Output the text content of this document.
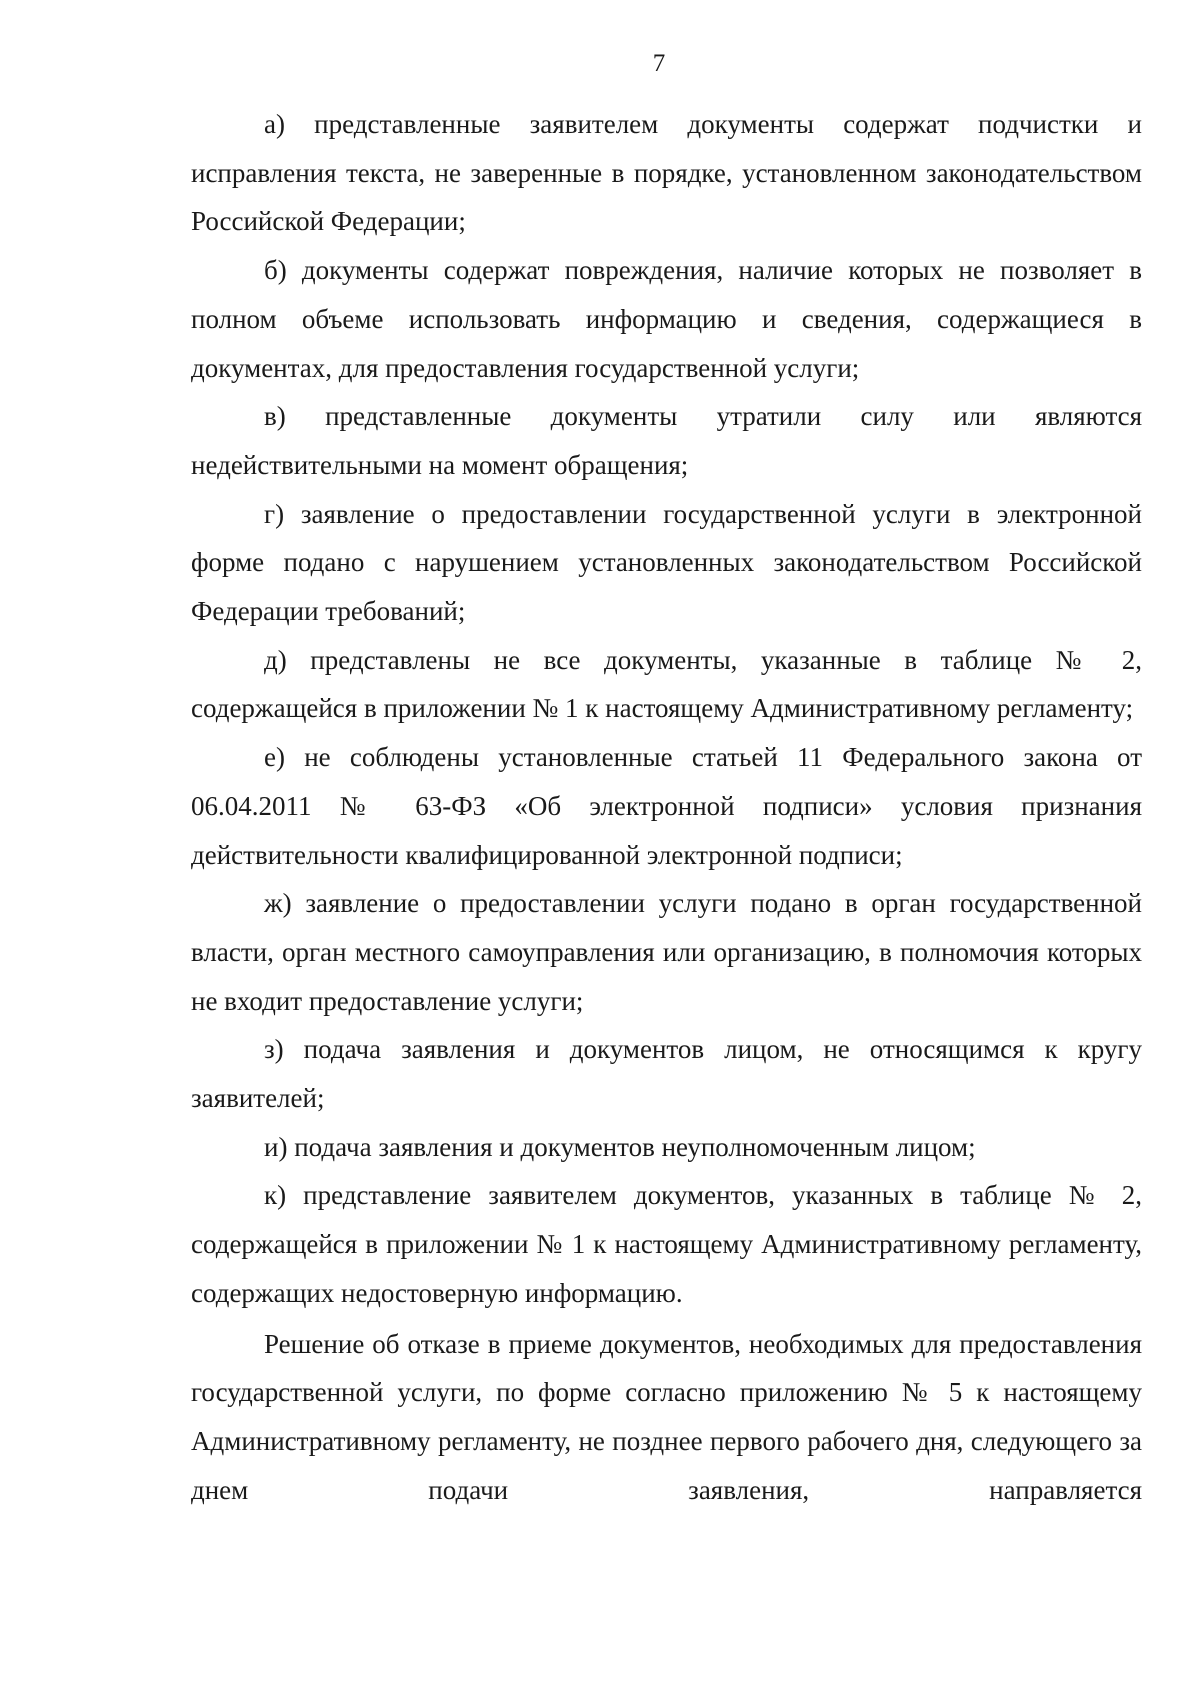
7

а) представленные заявителем документы содержат подчистки и исправления текста, не заверенные в порядке, установленном законодательством Российской Федерации;

б) документы содержат повреждения, наличие которых не позволяет в полном объеме использовать информацию и сведения, содержащиеся в документах, для предоставления государственной услуги;

в) представленные документы утратили силу или являются недействительными на момент обращения;

г) заявление о предоставлении государственной услуги в электронной форме подано с нарушением установленных законодательством Российской Федерации требований;

д) представлены не все документы, указанные в таблице № 2, содержащейся в приложении № 1 к настоящему Административному регламенту;

е) не соблюдены установленные статьей 11 Федерального закона от 06.04.2011 № 63-ФЗ «Об электронной подписи» условия признания действительности квалифицированной электронной подписи;

ж) заявление о предоставлении услуги подано в орган государственной власти, орган местного самоуправления или организацию, в полномочия которых не входит предоставление услуги;

з) подача заявления и документов лицом, не относящимся к кругу заявителей;

и) подача заявления и документов неуполномоченным лицом;

к) представление заявителем документов, указанных в таблице № 2, содержащейся в приложении № 1 к настоящему Административному регламенту, содержащих недостоверную информацию.

Решение об отказе в приеме документов, необходимых для предоставления государственной услуги, по форме согласно приложению № 5 к настоящему Административному регламенту, не позднее первого рабочего дня, следующего за днем подачи заявления, направляется
